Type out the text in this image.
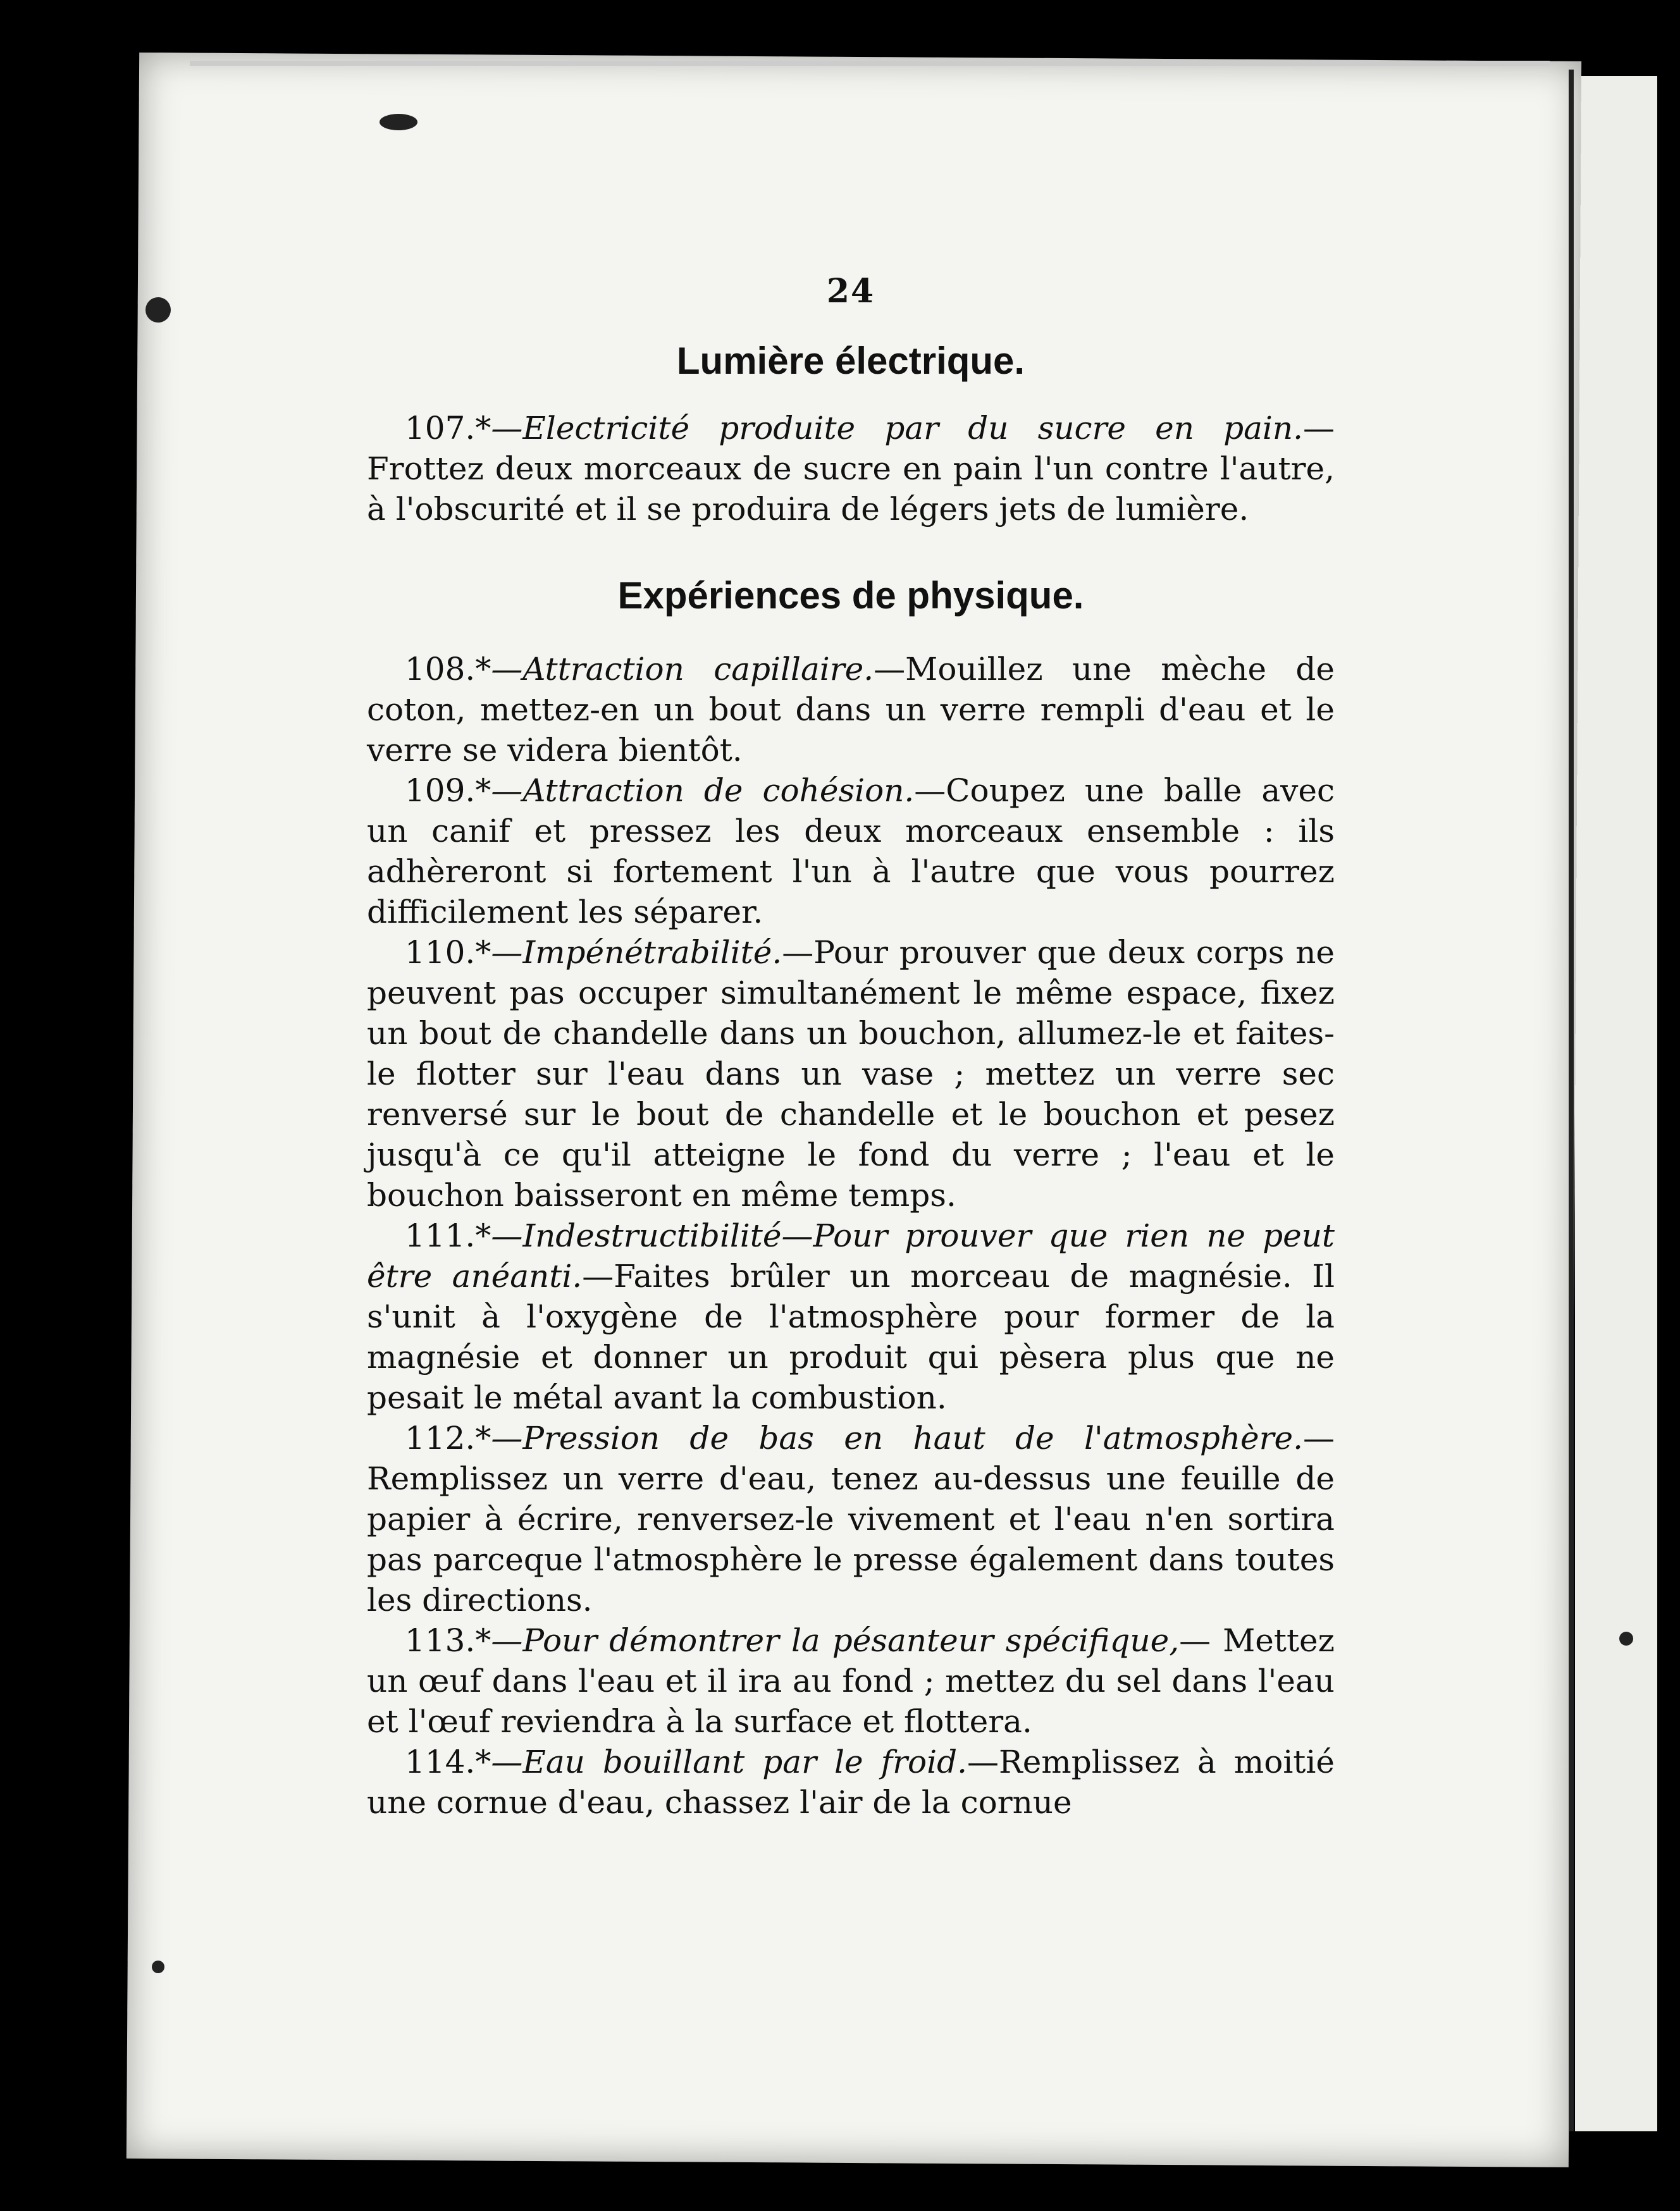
24
Lumière électrique.

107.*—Electricité produite par du sucre en pain.— Frottez deux morceaux de sucre en pain l'un contre l'autre, à l'obscurité et il se produira de légers jets de lumière.

Expériences de physique.

108.*—Attraction capillaire.—Mouillez une mèche de coton, mettez-en un bout dans un verre rempli d'eau et le verre se videra bientôt.

109.*—Attraction de cohésion.—Coupez une balle avec un canif et pressez les deux morceaux ensemble : ils adhèreront si fortement l'un à l'autre que vous pourrez difficilement les séparer.

110.*—Impénétrabilité.—Pour prouver que deux corps ne peuvent pas occuper simultanément le même espace, fixez un bout de chandelle dans un bouchon, allumez-le et faites-le flotter sur l'eau dans un vase ; mettez un verre sec renversé sur le bout de chandelle et le bouchon et pesez jusqu'à ce qu'il atteigne le fond du verre ; l'eau et le bouchon baisseront en même temps.

111.*—Indestructibilité—Pour prouver que rien ne peut être anéanti.—Faites brûler un morceau de magnésie. Il s'unit à l'oxygène de l'atmosphère pour former de la magnésie et donner un produit qui pèsera plus que ne pesait le métal avant la combustion.

112.*—Pression de bas en haut de l'atmosphère.— Remplissez un verre d'eau, tenez au-dessus une feuille de papier à écrire, renversez-le vivement et l'eau n'en sortira pas parceque l'atmosphère le presse également dans toutes les directions.

113.*—Pour démontrer la pésanteur spécifique,— Mettez un œuf dans l'eau et il ira au fond ; mettez du sel dans l'eau et l'œuf reviendra à la surface et flottera.

114.*—Eau bouillant par le froid.—Remplissez à moitié une cornue d'eau, chassez l'air de la cornue
